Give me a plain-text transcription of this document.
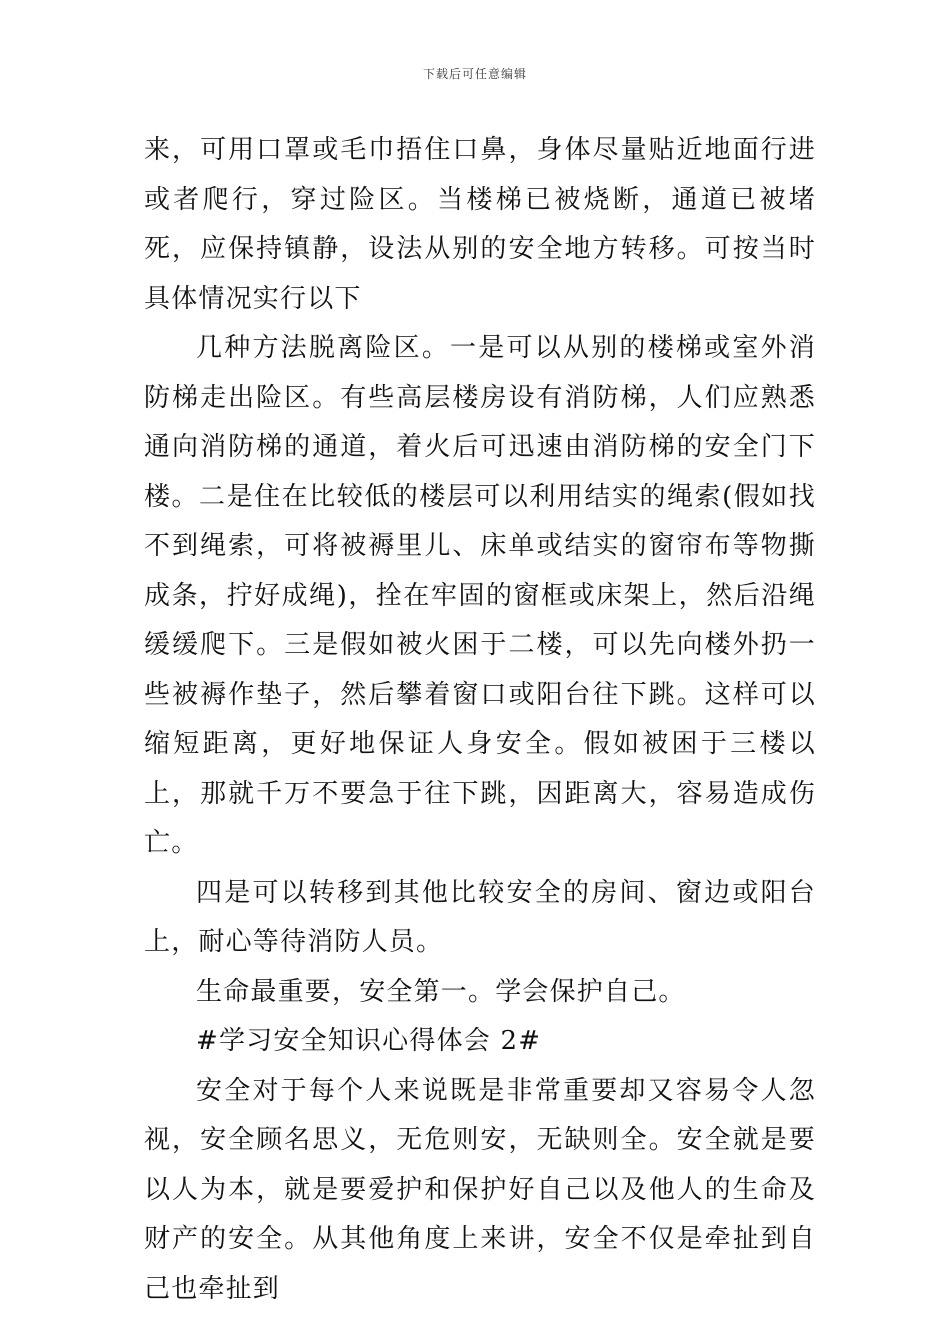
下载后可任意编辑

来，可用口罩或毛巾捂住口鼻，身体尽量贴近地面行进或者爬行，穿过险区。当楼梯已被烧断，通道已被堵死，应保持镇静，设法从别的安全地方转移。可按当时具体情况实行以下

几种方法脱离险区。一是可以从别的楼梯或室外消防梯走出险区。有些高层楼房设有消防梯，人们应熟悉通向消防梯的通道，着火后可迅速由消防梯的安全门下楼。二是住在比较低的楼层可以利用结实的绳索(假如找不到绳索，可将被褥里儿、床单或结实的窗帘布等物撕成条，拧好成绳)，拴在牢固的窗框或床架上，然后沿绳缓缓爬下。三是假如被火困于二楼，可以先向楼外扔一些被褥作垫子，然后攀着窗口或阳台往下跳。这样可以缩短距离，更好地保证人身安全。假如被困于三楼以上，那就千万不要急于往下跳，因距离大，容易造成伤亡。

四是可以转移到其他比较安全的房间、窗边或阳台上，耐心等待消防人员。

生命最重要，安全第一。学会保护自己。

#学习安全知识心得体会 2#

安全对于每个人来说既是非常重要却又容易令人忽视，安全顾名思义，无危则安，无缺则全。安全就是要以人为本，就是要爱护和保护好自己以及他人的生命及财产的安全。从其他角度上来讲，安全不仅是牵扯到自己也牵扯到
